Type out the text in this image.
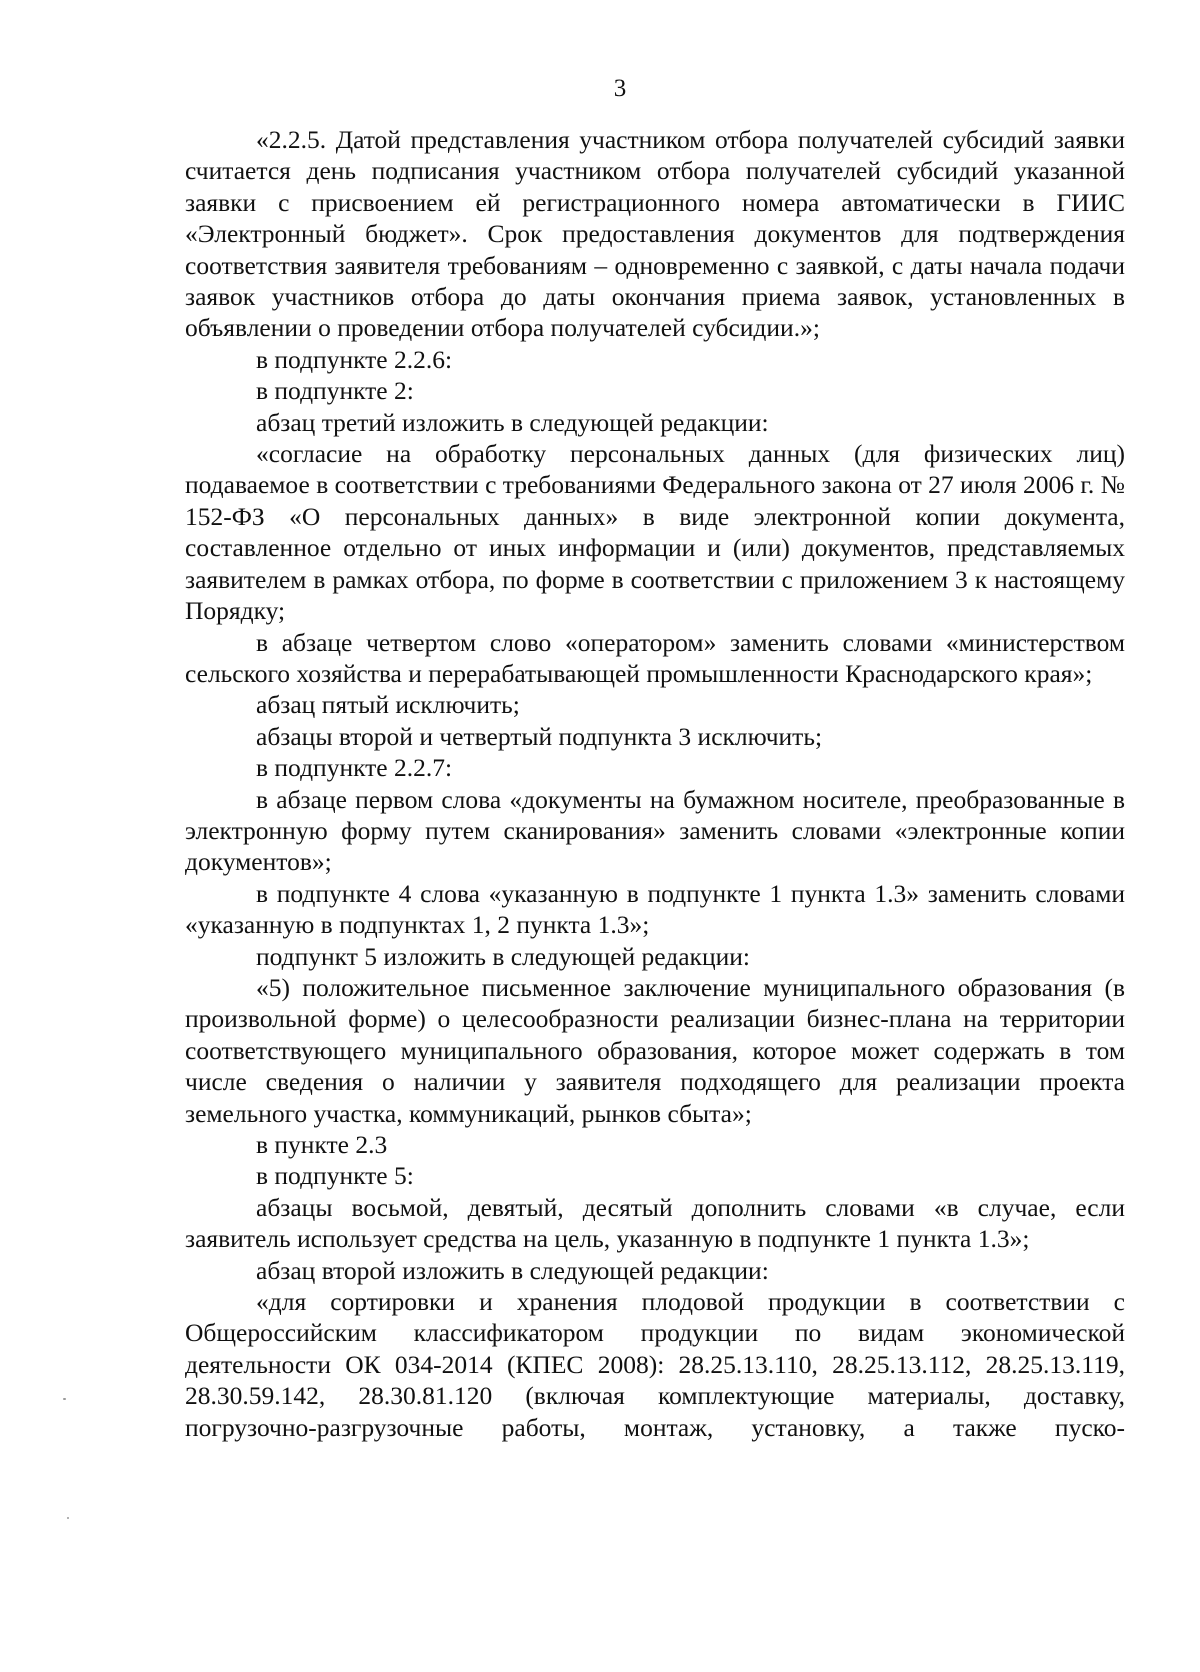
3

«2.2.5. Датой представления участником отбора получателей субсидий заявки считается день подписания участником отбора получателей субсидий указанной заявки с присвоением ей регистрационного номера автоматически в ГИИС «Электронный бюджет». Срок предоставления документов для подтверждения соответствия заявителя требованиям – одновременно с заявкой, с даты начала подачи заявок участников отбора до даты окончания приема заявок, установленных в объявлении о проведении отбора получателей субсидии.»;

в подпункте 2.2.6:

в подпункте 2:

абзац третий изложить в следующей редакции:

«согласие на обработку персональных данных (для физических лиц) подаваемое в соответствии с требованиями Федерального закона от 27 июля 2006 г. № 152-ФЗ «О персональных данных» в виде электронной копии документа, составленное отдельно от иных информации и (или) документов, представляемых заявителем в рамках отбора, по форме в соответствии с приложением 3 к настоящему Порядку;

в абзаце четвертом слово «оператором» заменить словами «министерством сельского хозяйства и перерабатывающей промышленности Краснодарского края»;

абзац пятый исключить;

абзацы второй и четвертый подпункта 3 исключить;

в подпункте 2.2.7:

в абзаце первом слова «документы на бумажном носителе, преобразованные в электронную форму путем сканирования» заменить словами «электронные копии документов»;

в подпункте 4 слова «указанную в подпункте 1 пункта 1.3» заменить словами «указанную в подпунктах 1, 2 пункта 1.3»;

подпункт 5 изложить в следующей редакции:

«5) положительное письменное заключение муниципального образования (в произвольной форме) о целесообразности реализации бизнес-плана на территории соответствующего муниципального образования, которое может содержать в том числе сведения о наличии у заявителя подходящего для реализации проекта земельного участка, коммуникаций, рынков сбыта»;

в пункте 2.3

в подпункте 5:

абзацы восьмой, девятый, десятый дополнить словами «в случае, если заявитель использует средства на цель, указанную в подпункте 1 пункта 1.3»;

абзац второй изложить в следующей редакции:

«для сортировки и хранения плодовой продукции в соответствии с Общероссийским классификатором продукции по видам экономической деятельности ОК 034-2014 (КПЕС 2008): 28.25.13.110, 28.25.13.112, 28.25.13.119, 28.30.59.142, 28.30.81.120 (включая комплектующие материалы, доставку, погрузочно-разгрузочные работы, монтаж, установку, а также пуско-
